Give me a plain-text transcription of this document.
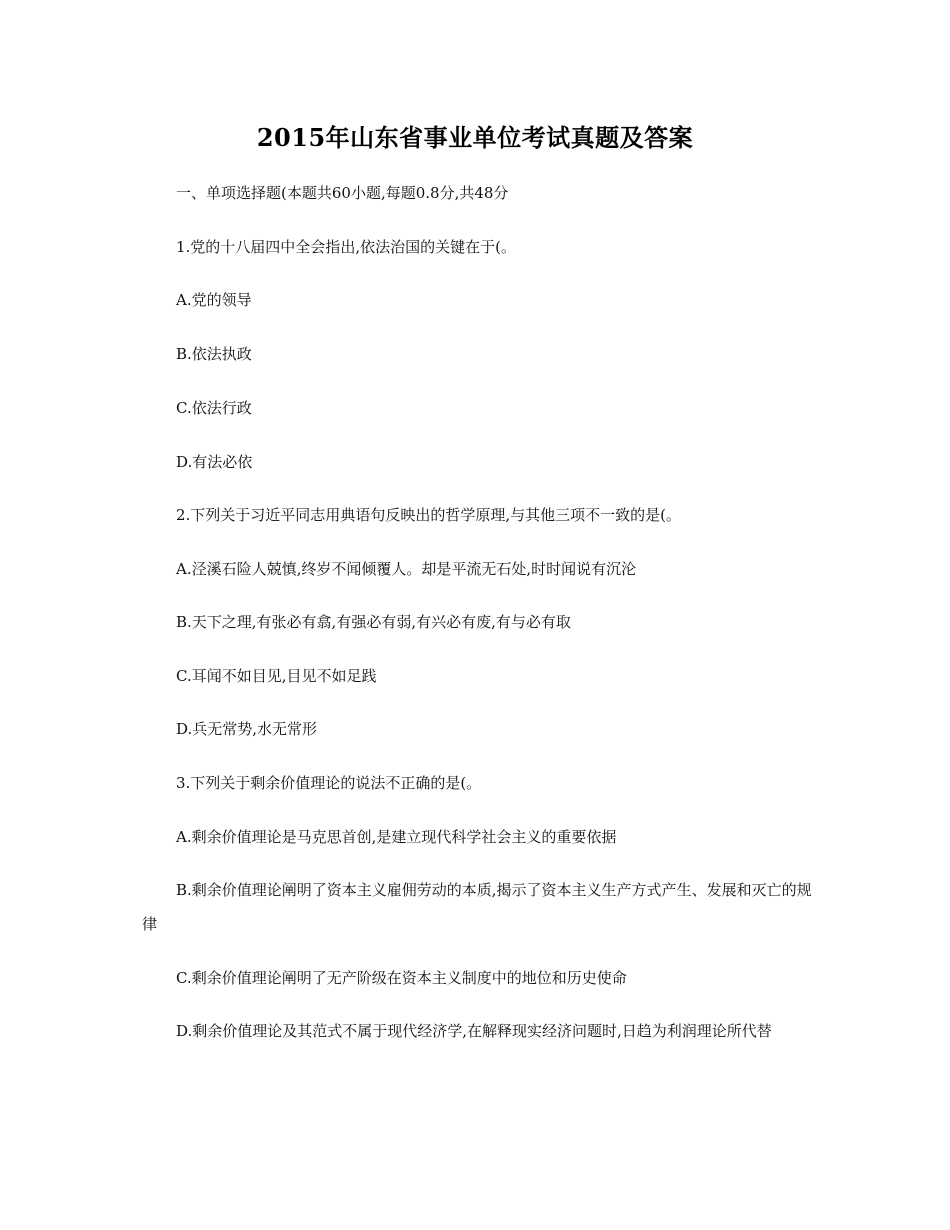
2015年山东省事业单位考试真题及答案
一、单项选择题(本题共60小题,每题0.8分,共48分
1.党的十八届四中全会指出,依法治国的关键在于(。
A.党的领导
B.依法执政
C.依法行政
D.有法必依
2.下列关于习近平同志用典语句反映出的哲学原理,与其他三项不一致的是(。
A.泾溪石险人兢慎,终岁不闻倾覆人。却是平流无石处,时时闻说有沉沦
B.天下之理,有张必有翕,有强必有弱,有兴必有废,有与必有取
C.耳闻不如目见,目见不如足践
D.兵无常势,水无常形
3.下列关于剩余价值理论的说法不正确的是(。
A.剩余价值理论是马克思首创,是建立现代科学社会主义的重要依据
B.剩余价值理论阐明了资本主义雇佣劳动的本质,揭示了资本主义生产方式产生、发展和灭亡的规律
C.剩余价值理论阐明了无产阶级在资本主义制度中的地位和历史使命
D.剩余价值理论及其范式不属于现代经济学,在解释现实经济问题时,日趋为利润理论所代替
